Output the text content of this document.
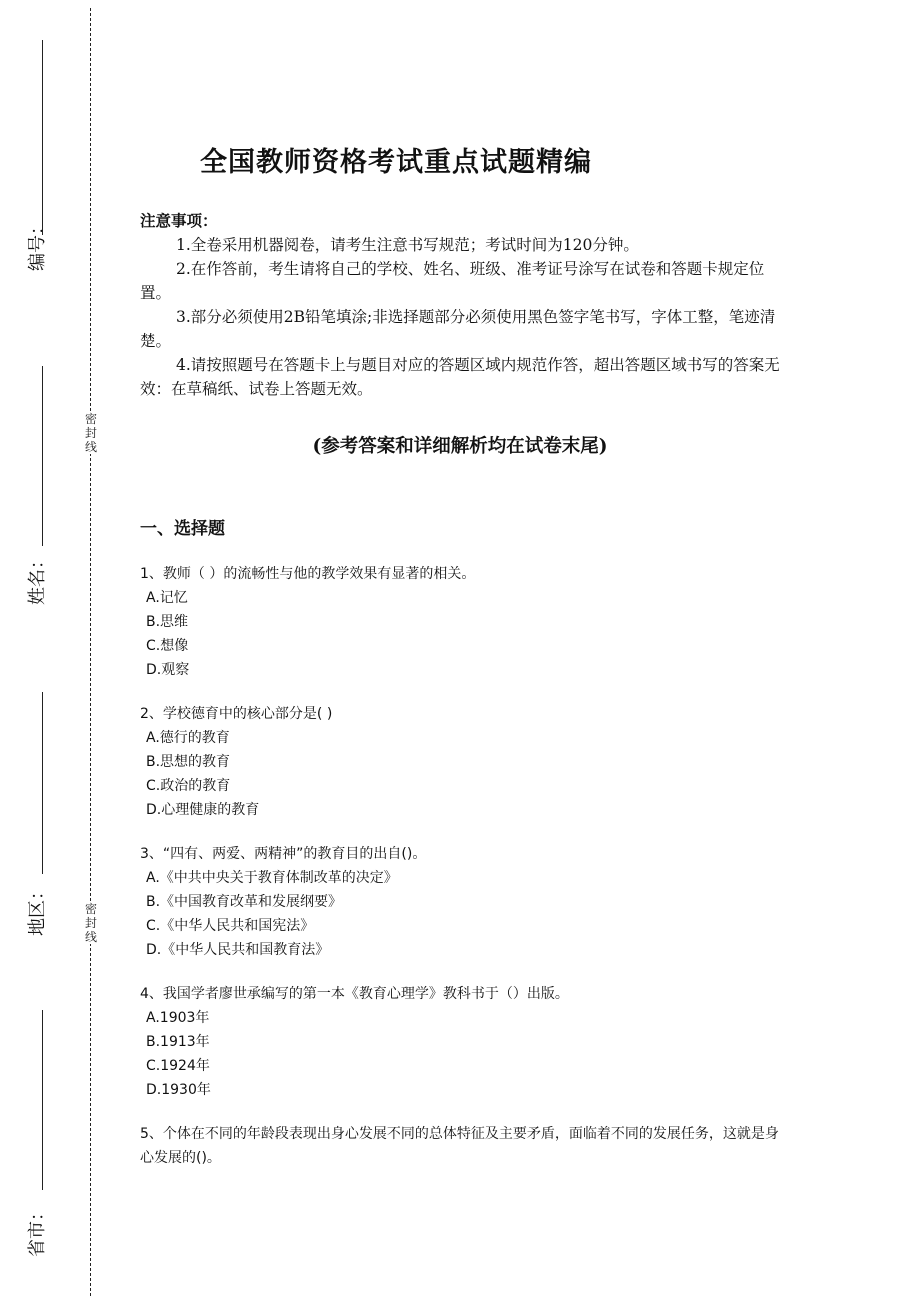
密
封
线
密
封
线
编号：
姓名：
地区：
省市：
全国教师资格考试重点试题精编
注意事项：

1.全卷采用机器阅卷，请考生注意书写规范；考试时间为120分钟。

2.在作答前，考生请将自己的学校、姓名、班级、准考证号涂写在试卷和答题卡规定位置。

3.部分必须使用2B铅笔填涂;非选择题部分必须使用黑色签字笔书写，字体工整，笔迹清楚。

4.请按照题号在答题卡上与题目对应的答题区域内规范作答，超出答题区域书写的答案无效：在草稿纸、试卷上答题无效。

(参考答案和详细解析均在试卷末尾)
一、选择题
1、教师（ ）的流畅性与他的教学效果有显著的相关。
A.记忆
B.思维
C.想像
D.观察
2、学校德育中的核心部分是( )
A.德行的教育
B.思想的教育
C.政治的教育
D.心理健康的教育
3、“四有、两爱、两精神”的教育目的出自()。
A.《中共中央关于教育体制改革的决定》
B.《中国教育改革和发展纲要》
C.《中华人民共和国宪法》
D.《中华人民共和国教育法》
4、我国学者廖世承编写的第一本《教育心理学》教科书于（）出版。
A.1903年
B.1913年
C.1924年
D.1930年
5、个体在不同的年龄段表现出身心发展不同的总体特征及主要矛盾，面临着不同的发展任务，这就是身心发展的()。
